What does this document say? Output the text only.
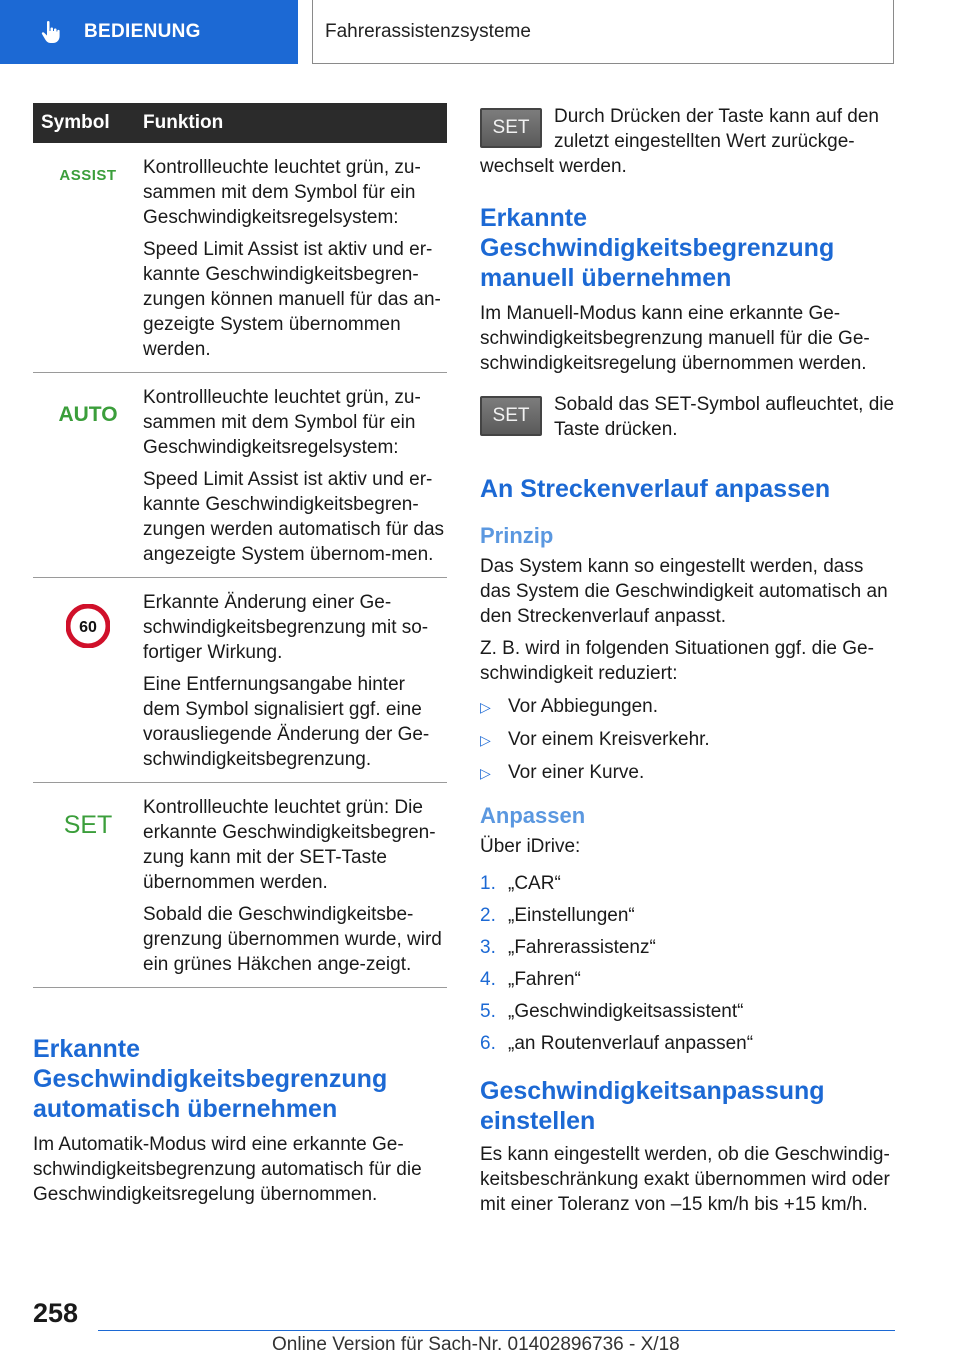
BEDIENUNG	Fahrerassistenzsysteme
Symbol	Funktion
ASSIST Kontrollleuchte leuchtet grün, zu-sammen mit dem Symbol für ein Geschwindigkeitsregelsystem:

Speed Limit Assist ist aktiv und er-kannte Geschwindigkeitsbegren-zungen können manuell für das an-gezeigte System übernommen werden.

AUTO

Kontrollleuchte leuchtet grün, zu-sammen mit dem Symbol für ein Geschwindigkeitsregelsystem:

Speed Limit Assist ist aktiv und er-kannte Geschwindigkeitsbegren-zungen werden automatisch für das angezeigte System übernom-men.

60

Erkannte Änderung einer Ge-schwindigkeitsbegrenzung mit so-fortiger Wirkung.

Eine Entfernungsangabe hinter dem Symbol signalisiert ggf. eine vorausliegende Änderung der Ge-schwindigkeitsbegrenzung.

SET

Kontrollleuchte leuchtet grün: Die erkannte Geschwindigkeitsbegren-zung kann mit der SET-Taste übernommen werden.

Sobald die Geschwindigkeitsbe-grenzung übernommen wurde, wird ein grünes Häkchen ange-zeigt.

Erkannte Geschwindigkeitsbegrenzung automatisch übernehmen

Im Automatik-Modus wird eine erkannte Ge-schwindigkeitsbegrenzung automatisch für die Geschwindigkeitsregelung übernommen.

SET
Durch Drücken der Taste kann auf den zuletzt eingestellten Wert zurückge-

wechselt werden.

Erkannte Geschwindigkeitsbegrenzung manuell übernehmen

Im Manuell-Modus kann eine erkannte Ge-schwindigkeitsbegrenzung manuell für die Ge-schwindigkeitsregelung übernommen werden.

SET
Sobald das SET-Symbol aufleuchtet, die Taste drücken.
An Streckenverlauf anpassen
Prinzip

Das System kann so eingestellt werden, dass das System die Geschwindigkeit automatisch an den Streckenverlauf anpasst.

Z. B. wird in folgenden Situationen ggf. die Ge-schwindigkeit reduziert:

▷ Vor Abbiegungen.
▷ Vor einem Kreisverkehr.
▷ Vor einer Kurve.
Anpassen

Über iDrive:

1. „CAR“
2. „Einstellungen“
3. „Fahrerassistenz“
4. „Fahren“
5. „Geschwindigkeitsassistent“
6. „an Routenverlauf anpassen“
Geschwindigkeitsanpassung einstellen

Es kann eingestellt werden, ob die Geschwindig-keitsbeschränkung exakt übernommen wird oder mit einer Toleranz von –15 km/h bis +15 km/h.

258
Online Version für Sach-Nr. 01402896736 - X/18
